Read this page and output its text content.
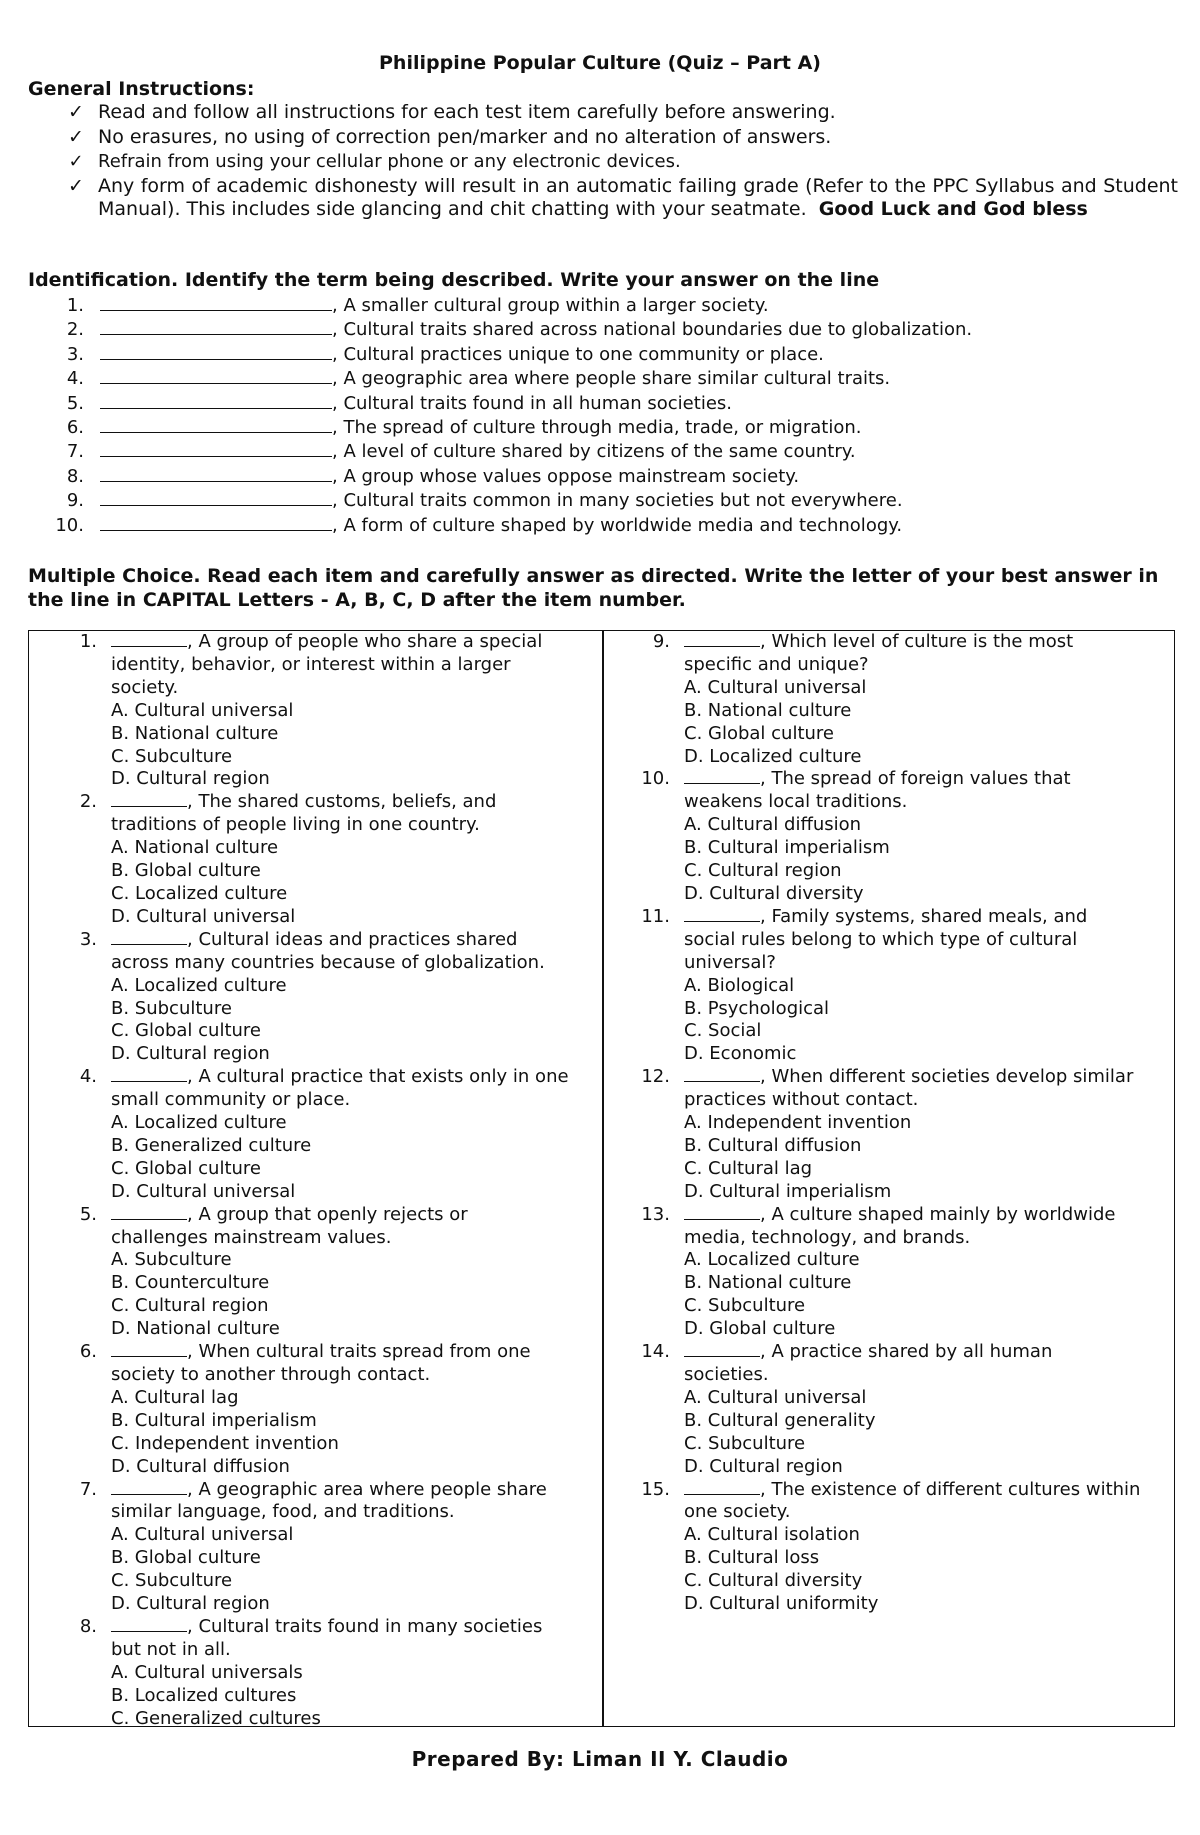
Philippine Popular Culture (Quiz – Part A)
General Instructions:
✓ Read and follow all instructions for each test item carefully before answering.
✓ No erasures, no using of correction pen/marker and no alteration of answers.
✓ Refrain from using your cellular phone or any electronic devices.
✓ Any form of academic dishonesty will result in an automatic failing grade (Refer to the PPC Syllabus and Student Manual). This includes side glancing and chit chatting with your seatmate. Good Luck and God bless
Identification. Identify the term being described. Write your answer on the line
1.	, A smaller cultural group within a larger society.
2.	, Cultural traits shared across national boundaries due to globalization.
3.	, Cultural practices unique to one community or place.
4.	, A geographic area where people share similar cultural traits.
5.	, Cultural traits found in all human societies.
6.	, The spread of culture through media, trade, or migration.
7.	, A level of culture shared by citizens of the same country.
8.	, A group whose values oppose mainstream society.
9.	, Cultural traits common in many societies but not everywhere.
10.	, A form of culture shaped by worldwide media and technology.
Multiple Choice. Read each item and carefully answer as directed. Write the letter of your best answer in the line in CAPITAL Letters - A, B, C, D after the item number.
1.	, A group of people who share a special identity, behavior, or interest within a larger society.
A. Cultural universal
B. National culture
C. Subculture
D. Cultural region
2.	, The shared customs, beliefs, and traditions of people living in one country.
A. National culture
B. Global culture
C. Localized culture
D. Cultural universal
3.	, Cultural ideas and practices shared across many countries because of globalization.
A. Localized culture
B. Subculture
C. Global culture
D. Cultural region
4.	, A cultural practice that exists only in one small community or place.
A. Localized culture
B. Generalized culture
C. Global culture
D. Cultural universal
5.	, A group that openly rejects or challenges mainstream values.
A. Subculture
B. Counterculture
C. Cultural region
D. National culture
6.	, When cultural traits spread from one society to another through contact.
A. Cultural lag
B. Cultural imperialism
C. Independent invention
D. Cultural diffusion
7.	, A geographic area where people share similar language, food, and traditions.
A. Cultural universal
B. Global culture
C. Subculture
D. Cultural region
8.	, Cultural traits found in many societies but not in all.
A. Cultural universals
B. Localized cultures
C. Generalized cultures
9.	, Which level of culture is the most specific and unique?
A. Cultural universal
B. National culture
C. Global culture
D. Localized culture
10.	, The spread of foreign values that weakens local traditions.
A. Cultural diffusion
B. Cultural imperialism
C. Cultural region
D. Cultural diversity
11.	, Family systems, shared meals, and social rules belong to which type of cultural universal?
A. Biological
B. Psychological
C. Social
D. Economic
12.	, When different societies develop similar practices without contact.
A. Independent invention
B. Cultural diffusion
C. Cultural lag
D. Cultural imperialism
13.	, A culture shaped mainly by worldwide media, technology, and brands.
A. Localized culture
B. National culture
C. Subculture
D. Global culture
14.	, A practice shared by all human societies.
A. Cultural universal
B. Cultural generality
C. Subculture
D. Cultural region
15.	, The existence of different cultures within one society.
A. Cultural isolation
B. Cultural loss
C. Cultural diversity
D. Cultural uniformity
Prepared By: Liman II Y. Claudio
